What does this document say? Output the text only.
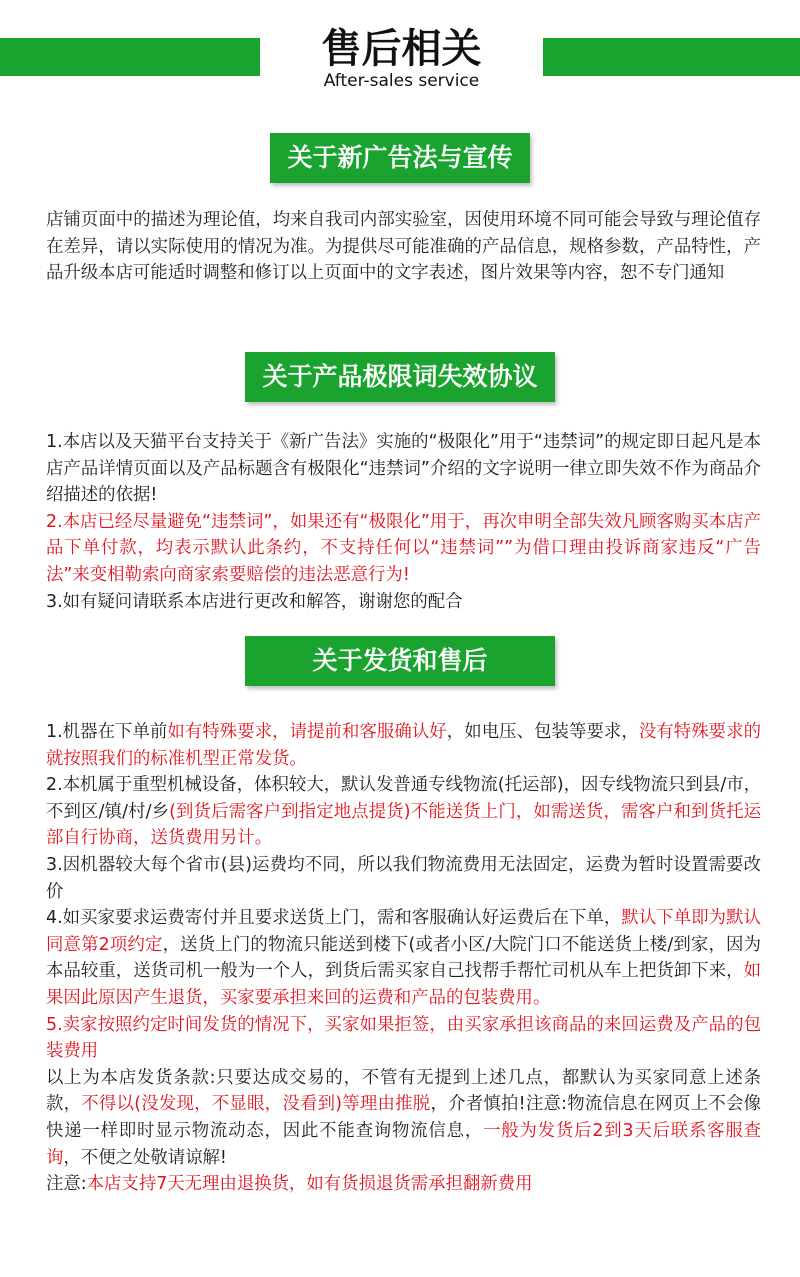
售后相关
After-sales service
关于新广告法与宣传
店铺页面中的描述为理论值，均来自我司内部实验室，因使用环境不同可能会导致与理论值存在差异，请以实际使用的情况为准。为提供尽可能准确的产品信息，规格参数，产品特性，产品升级本店可能适时调整和修订以上页面中的文字表述，图片效果等内容，恕不专门通知
关于产品极限词失效协议
1.本店以及天猫平台支持关于《新广告法》实施的“极限化”用于“违禁词”的规定即日起凡是本店产品详情页面以及产品标题含有极限化“违禁词”介绍的文字说明一律立即失效不作为商品介绍描述的依据!
2.本店已经尽量避免“违禁词”，如果还有“极限化”用于，再次申明全部失效凡顾客购买本店产品下单付款，均表示默认此条约，不支持任何以“违禁词””为借口理由投诉商家违反“广告法”来变相勒索向商家索要赔偿的违法恶意行为!
3.如有疑问请联系本店进行更改和解答，谢谢您的配合
关于发货和售后
1.机器在下单前如有特殊要求，请提前和客服确认好，如电压、包装等要求，没有特殊要求的就按照我们的标准机型正常发货。
2.本机属于重型机械设备，体积较大，默认发普通专线物流(托运部)，因专线物流只到县/市，不到区/镇/村/乡(到货后需客户到指定地点提货)不能送货上门，如需送货，需客户和到货托运部自行协商，送货费用另计。
3.因机器较大每个省市(县)运费均不同，所以我们物流费用无法固定，运费为暂时设置需要改价
4.如买家要求运费寄付并且要求送货上门，需和客服确认好运费后在下单，默认下单即为默认同意第2项约定，送货上门的物流只能送到楼下(或者小区/大院门口不能送货上楼/到家，因为本品较重，送货司机一般为一个人，到货后需买家自己找帮手帮忙司机从车上把货卸下来，如果因此原因产生退货，买家要承担来回的运费和产品的包装费用。
5.卖家按照约定时间发货的情况下，买家如果拒签，由买家承担该商品的来回运费及产品的包装费用
以上为本店发货条款:只要达成交易的，不管有无提到上述几点，都默认为买家同意上述条款，不得以(没发现，不显眼，没看到)等理由推脱，介者慎拍!注意:物流信息在网页上不会像快递一样即时显示物流动态，因此不能查询物流信息，一般为发货后2到3天后联系客服查询，不便之处敬请谅解!
注意:本店支持7天无理由退换货，如有货损退货需承担翻新费用
